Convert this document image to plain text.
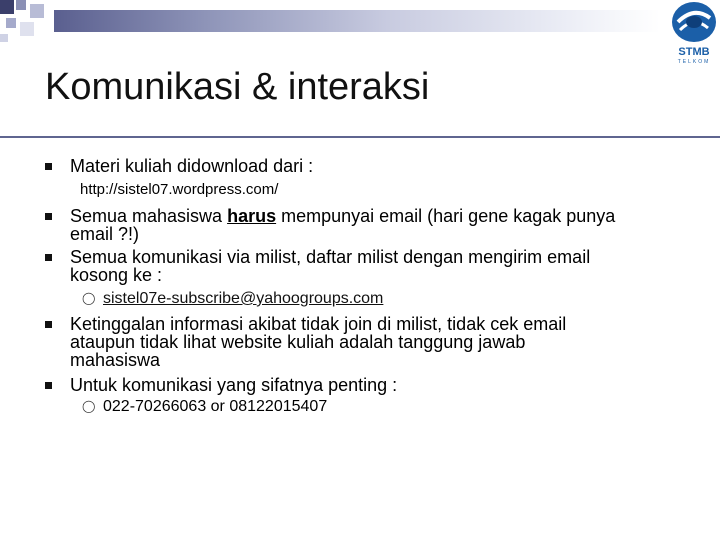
STMB
TELKOM
Komunikasi & interaksi
Materi kuliah didownload dari :
http://sistel07.wordpress.com/
Semua mahasiswa harus mempunyai email (hari gene kagak punya
email ?!)
Semua komunikasi via milist, daftar milist dengan mengirim email
kosong ke :
◯ sistel07e-subscribe@yahoogroups.com
Ketinggalan informasi akibat tidak join di milist, tidak cek email
ataupun tidak lihat website kuliah adalah tanggung jawab
mahasiswa
Untuk komunikasi yang sifatnya penting :
◯ 022-70266063 or 08122015407
